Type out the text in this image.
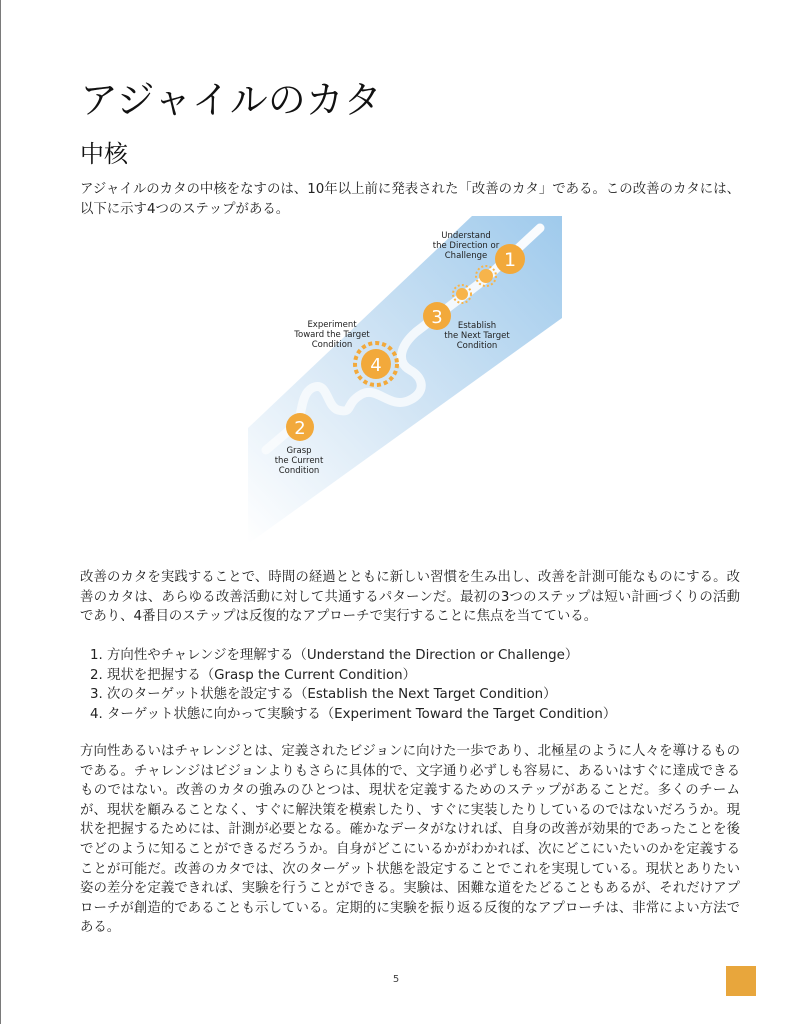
アジャイルのカタ
中核

アジャイルのカタの中核をなすのは、10年以上前に発表された「改善のカタ」である。この改善のカタには、以下に示す4つのステップがある。

1
3
4
2
Understand
the Direction or
Challenge
Establish
the Next Target
Condition
Experiment
Toward the Target
Condition
Grasp
the Current
Condition

改善のカタを実践することで、時間の経過とともに新しい習慣を生み出し、改善を計測可能なものにする。改善のカタは、あらゆる改善活動に対して共通するパターンだ。最初の3つのステップは短い計画づくりの活動であり、4番目のステップは反復的なアプローチで実行することに焦点を当てている。

1. 方向性やチャレンジを理解する（Understand the Direction or Challenge）
2. 現状を把握する（Grasp the Current Condition）
3. 次のターゲット状態を設定する（Establish the Next Target Condition）
4. ターゲット状態に向かって実験する（Experiment Toward the Target Condition）

方向性あるいはチャレンジとは、定義されたビジョンに向けた一歩であり、北極星のように人々を導けるものである。チャレンジはビジョンよりもさらに具体的で、文字通り必ずしも容易に、あるいはすぐに達成できるものではない。改善のカタの強みのひとつは、現状を定義するためのステップがあることだ。多くのチームが、現状を顧みることなく、すぐに解決策を模索したり、すぐに実装したりしているのではないだろうか。現状を把握するためには、計測が必要となる。確かなデータがなければ、自身の改善が効果的であったことを後でどのように知ることができるだろうか。自身がどこにいるかがわかれば、次にどこにいたいのかを定義することが可能だ。改善のカタでは、次のターゲット状態を設定することでこれを実現している。現状とありたい姿の差分を定義できれば、実験を行うことができる。実験は、困難な道をたどることもあるが、それだけアプローチが創造的であることも示している。定期的に実験を振り返る反復的なアプローチは、非常によい方法である。

5
